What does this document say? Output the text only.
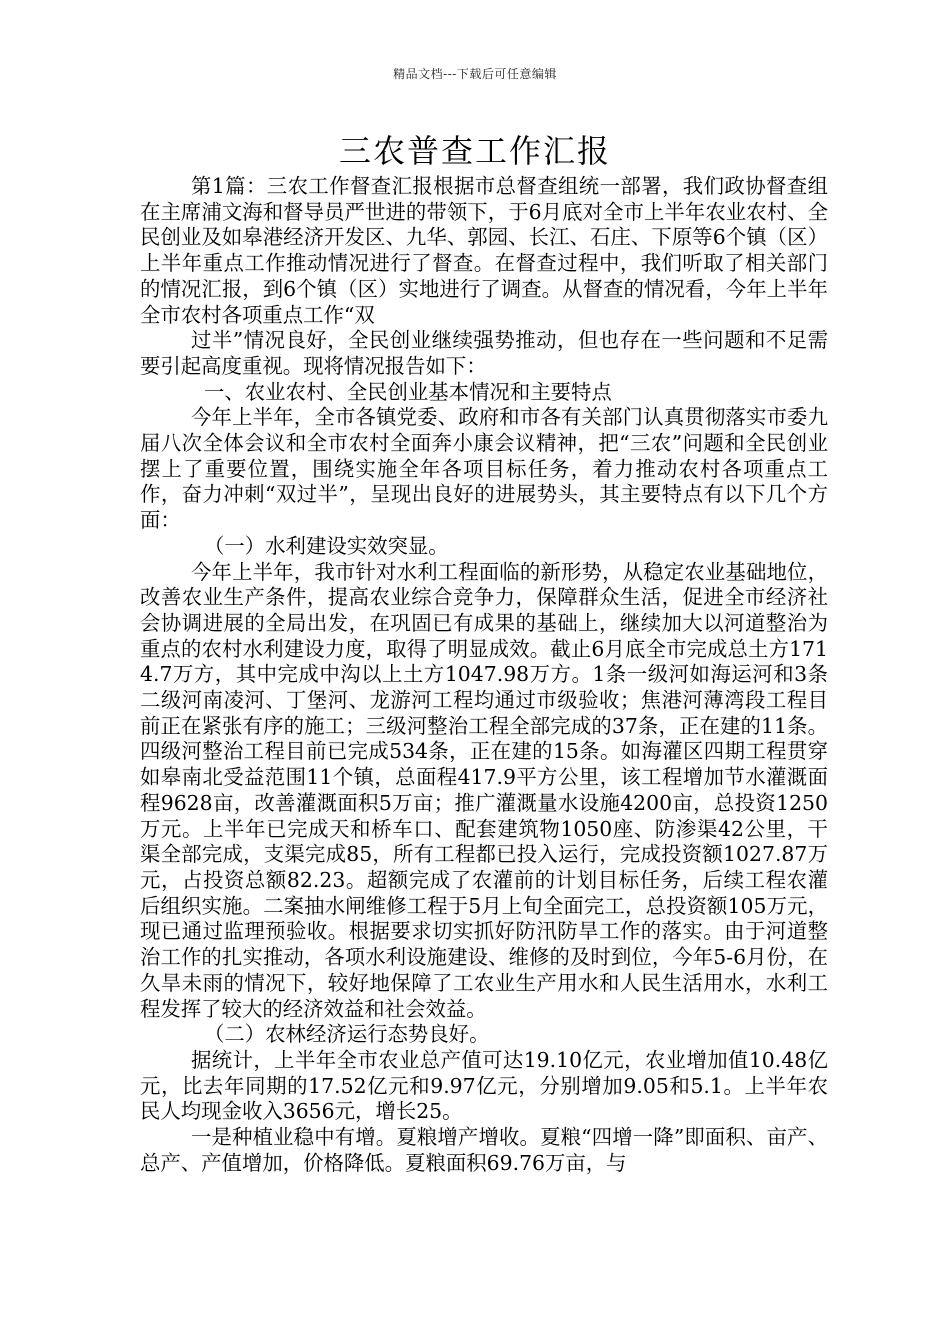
精品文档---下载后可任意编辑
三农普查工作汇报

第1篇：三农工作督查汇报根据市总督查组统一部署，我们政协督查组在主席浦文海和督导员严世进的带领下，于6月底对全市上半年农业农村、全民创业及如皋港经济开发区、九华、郭园、长江、石庄、下原等6个镇（区）上半年重点工作推动情况进行了督查。在督查过程中，我们听取了相关部门的情况汇报，到6个镇（区）实地进行了调查。从督查的情况看，今年上半年全市农村各项重点工作“双

过半”情况良好，全民创业继续强势推动，但也存在一些问题和不足需要引起高度重视。现将情况报告如下：

一、农业农村、全民创业基本情况和主要特点

今年上半年，全市各镇党委、政府和市各有关部门认真贯彻落实市委九届八次全体会议和全市农村全面奔小康会议精神，把“三农”问题和全民创业摆上了重要位置，围绕实施全年各项目标任务，着力推动农村各项重点工作，奋力冲刺“双过半”，呈现出良好的进展势头，其主要特点有以下几个方面：

（一）水利建设实效突显。

今年上半年，我市针对水利工程面临的新形势，从稳定农业基础地位，改善农业生产条件，提高农业综合竞争力，保障群众生活，促进全市经济社会协调进展的全局出发，在巩固已有成果的基础上，继续加大以河道整治为重点的农村水利建设力度，取得了明显成效。截止6月底全市完成总土方1714.7万方，其中完成中沟以上土方1047.98万方。1条一级河如海运河和3条二级河南凌河、丁堡河、龙游河工程均通过市级验收；焦港河薄湾段工程目前正在紧张有序的施工；三级河整治工程全部完成的37条，正在建的11条。四级河整治工程目前已完成534条，正在建的15条。如海灌区四期工程贯穿如皋南北受益范围11个镇，总面程417.9平方公里，该工程增加节水灌溉面程9628亩，改善灌溉面积5万亩；推广灌溉量水设施4200亩，总投资1250万元。上半年已完成天和桥车口、配套建筑物1050座、防渗渠42公里，干渠全部完成，支渠完成85，所有工程都已投入运行，完成投资额1027.87万元，占投资总额82.23。超额完成了农灌前的计划目标任务，后续工程农灌后组织实施。二案抽水闸维修工程于5月上旬全面完工，总投资额105万元，现已通过监理预验收。根据要求切实抓好防汛防旱工作的落实。由于河道整治工作的扎实推动，各项水利设施建设、维修的及时到位，今年5-6月份，在久旱未雨的情况下，较好地保障了工农业生产用水和人民生活用水，水利工程发挥了较大的经济效益和社会效益。

（二）农林经济运行态势良好。

据统计，上半年全市农业总产值可达19.10亿元，农业增加值10.48亿元，比去年同期的17.52亿元和9.97亿元，分别增加9.05和5.1。上半年农民人均现金收入3656元，增长25。

一是种植业稳中有增。夏粮增产增收。夏粮“四增一降”即面积、亩产、总产、产值增加，价格降低。夏粮面积69.76万亩，与
